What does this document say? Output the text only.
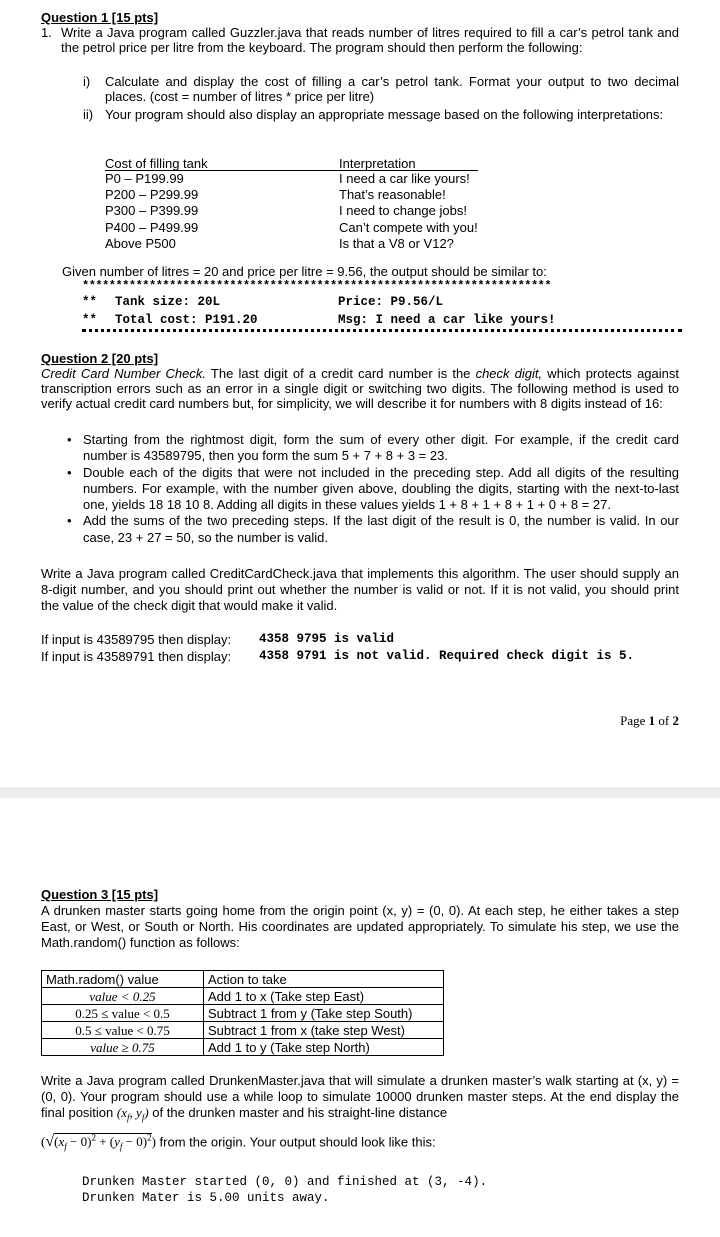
Question 1 [15 pts]
1. Write a Java program called Guzzler.java that reads number of litres required to fill a car’s petrol tank and the petrol price per litre from the keyboard. The program should then perform the following:
i) Calculate and display the cost of filling a car’s petrol tank. Format your output to two decimal places. (cost = number of litres * price per litre)
ii) Your program should also display an appropriate message based on the following interpretations:
Cost of filling tank	Interpretation
P0 – P199.99	I need a car like yours!
P200 – P299.99	That’s reasonable!
P300 – P399.99	I need to change jobs!
P400 – P499.99	Can’t compete with you!
Above P500	Is that a V8 or V12?
Given number of litres = 20 and price per litre = 9.56, the output should be similar to:
**********************************************************************
** Tank size: 20L	Price: P9.56/L
** Total cost: P191.20	Msg: I need a car like yours!
Question 2 [20 pts]
Credit Card Number Check. The last digit of a credit card number is the check digit, which protects against transcription errors such as an error in a single digit or switching two digits. The following method is used to verify actual credit card numbers but, for simplicity, we will describe it for numbers with 8 digits instead of 16:
• Starting from the rightmost digit, form the sum of every other digit. For example, if the credit card number is 43589795, then you form the sum 5 + 7 + 8 + 3 = 23.
• Double each of the digits that were not included in the preceding step. Add all digits of the resulting numbers. For example, with the number given above, doubling the digits, starting with the next-to-last one, yields 18 18 10 8. Adding all digits in these values yields 1 + 8 + 1 + 8 + 1 + 0 + 8 = 27.
• Add the sums of the two preceding steps. If the last digit of the result is 0, the number is valid. In our case, 23 + 27 = 50, so the number is valid.
Write a Java program called CreditCardCheck.java that implements this algorithm. The user should supply an 8-digit number, and you should print out whether the number is valid or not. If it is not valid, you should print the value of the check digit that would make it valid.
If input is 43589795 then display: 4358 9795 is valid
If input is 43589791 then display: 4358 9791 is not valid. Required check digit is 5.
Page 1 of 2
Question 3 [15 pts]
A drunken master starts going home from the origin point (x, y) = (0, 0). At each step, he either takes a step East, or West, or South or North. His coordinates are updated appropriately. To simulate his step, we use the Math.random() function as follows:
Math.radom() value	Action to take
value < 0.25	Add 1 to x (Take step East)
0.25 ≤ value < 0.5	Subtract 1 from y (Take step South)
0.5 ≤ value < 0.75	Subtract 1 from x (take step West)
value ≥ 0.75	Add 1 to y (Take step North)
Write a Java program called DrunkenMaster.java that will simulate a drunken master’s walk starting at (x, y) = (0, 0). Your program should use a while loop to simulate 10000 drunken master steps. At the end display the final position ($x_f$, $y_f$) of the drunken master and his straight-line distance
$(√(x_f - 0)^2 + (y_f - 0)^2)$ from the origin. Your output should look like this:
Drunken Master started (0, 0) and finished at (3, -4).
Drunken Mater is 5.00 units away.
